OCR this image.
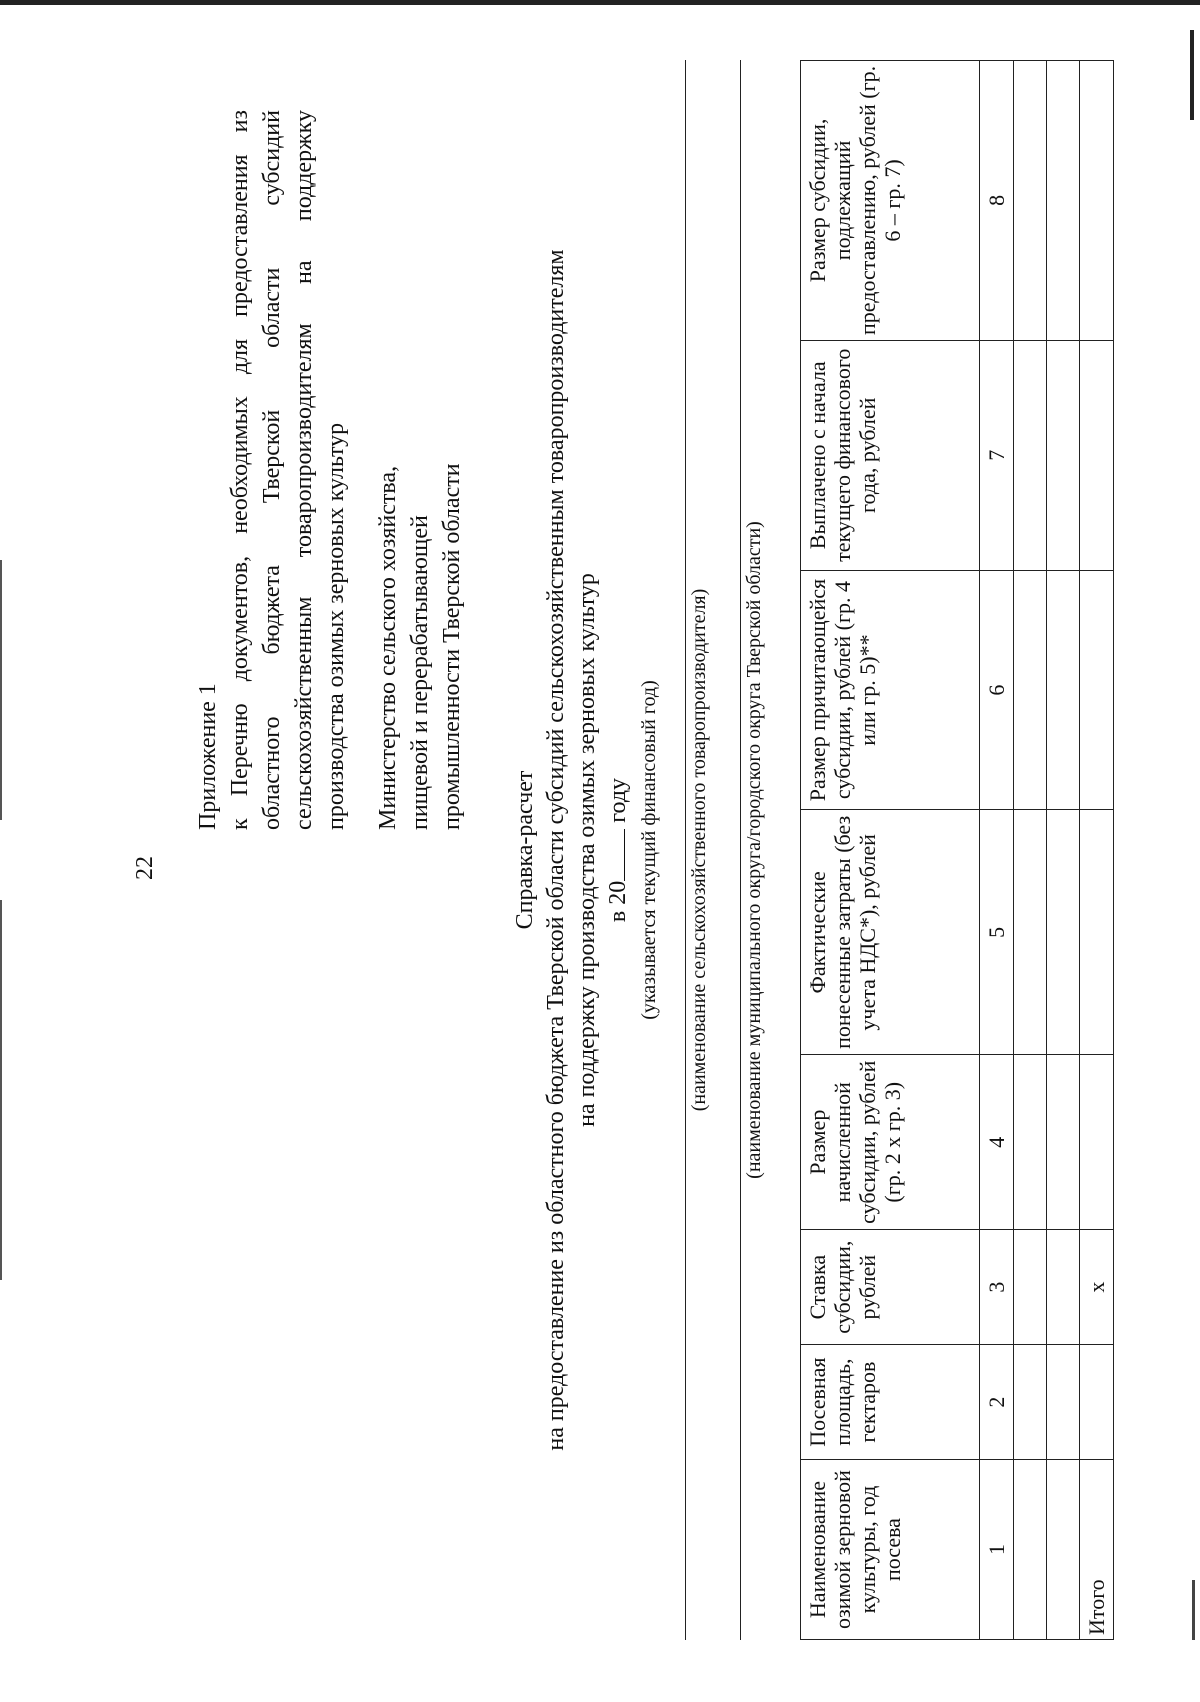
22
Приложение 1 к Перечню документов, необходимых для предоставления из областного бюджета Тверской области субсидий сельскохозяйственным товаропроизводителям на поддержку производства озимых зерновых культур Министерство сельского хозяйства, пищевой и перерабатывающей промышленности Тверской области
Справка-расчет на предоставление из областного бюджета Тверской области субсидий сельскохозяйственным товаропроизводителям на поддержку производства озимых зерновых культур в 20 году (указывается текущий финансовый год) (наименование сельскохозяйственного товаропроизводителя) (наименование муниципального округа/городского округа Тверской области)
Наименование озимой зерновой культуры, год посева	Посевная площадь, гектаров	Ставка субсидии, рублей	Размер начисленной субсидии, рублей (гр. 2 х гр. 3)	Фактические понесенные затраты (без учета НДС*), рублей	Размер причитающейся субсидии, рублей (гр. 4 или гр. 5)**	Выплачено с начала текущего финансового года, рублей	Размер субсидии, подлежащий предоставлению, рублей (гр. 6 – гр. 7)
1	2	3	4	5	6	7	8

Итого		х					
